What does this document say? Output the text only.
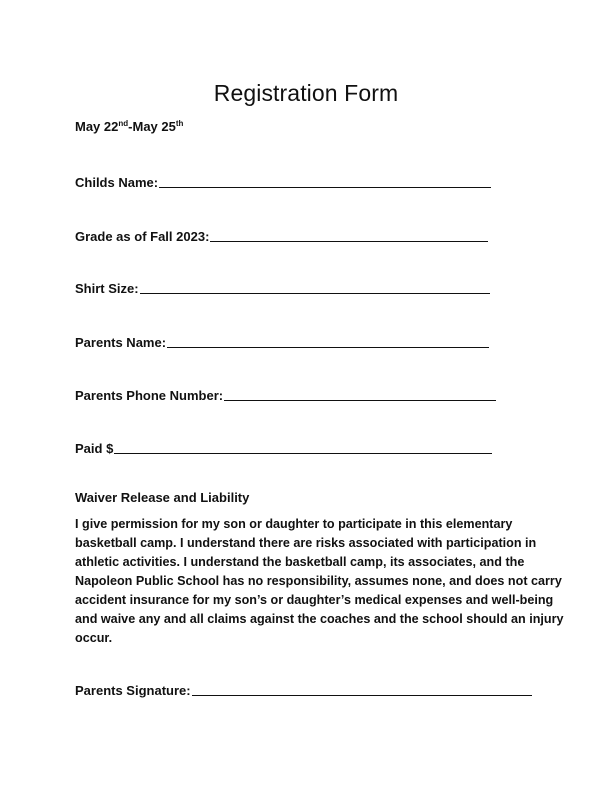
Registration Form
May 22nd-May 25th
Childs Name:
Grade as of Fall 2023:
Shirt Size:
Parents Name:
Parents Phone Number:
Paid $
Waiver Release and Liability
I give permission for my son or daughter to participate in this elementary
basketball camp. I understand there are risks associated with participation in
athletic activities. I understand the basketball camp, its associates, and the
Napoleon Public School has no responsibility, assumes none, and does not carry
accident insurance for my son’s or daughter’s medical expenses and well-being
and waive any and all claims against the coaches and the school should an injury
occur.
Parents Signature:
